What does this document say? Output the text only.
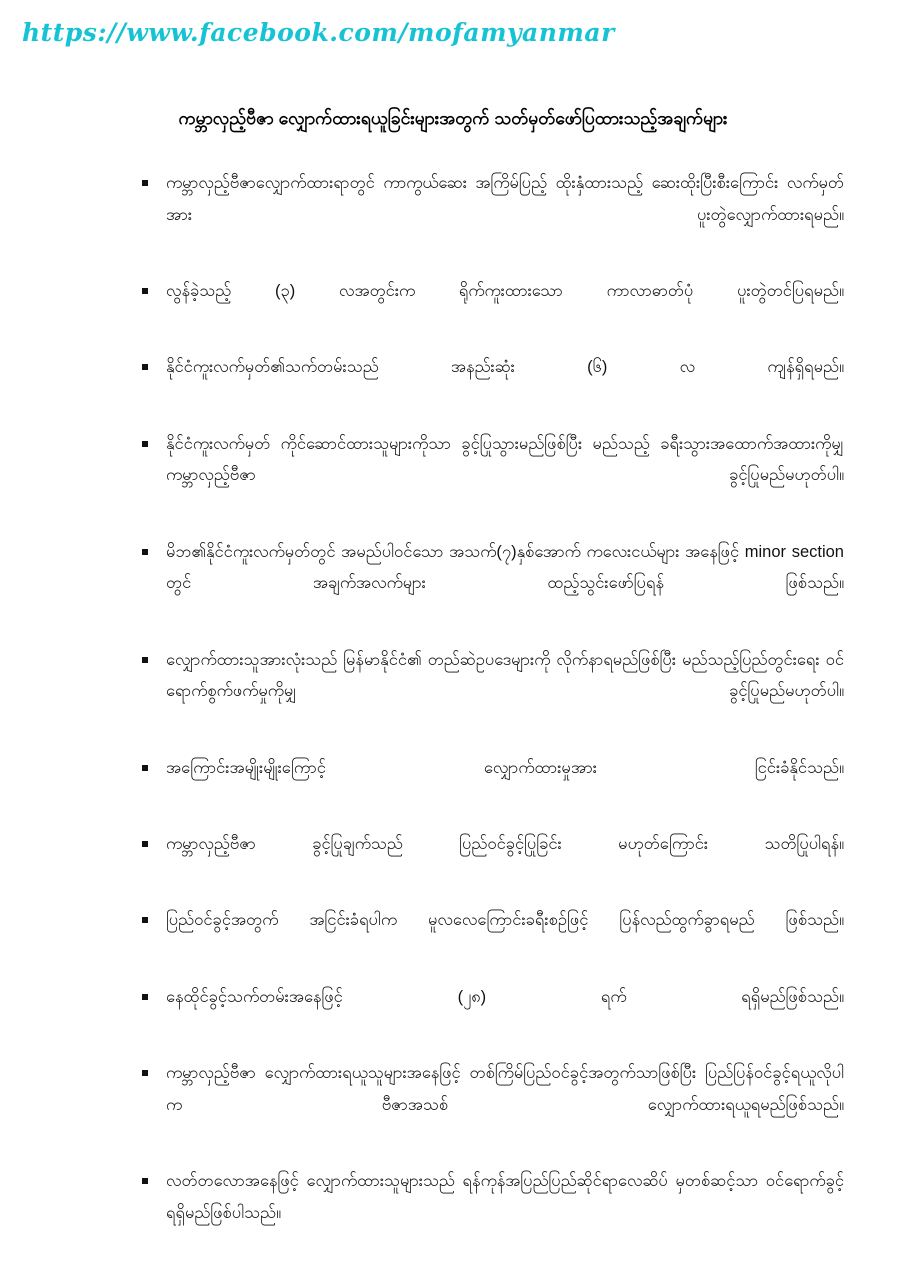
https://www.facebook.com/mofamyanmar
ကမ္ဘာလှည့်ဗီဇာ လျှောက်ထားရယူခြင်းများအတွက် သတ်မှတ်ဖော်ပြထားသည့်အချက်များ
ကမ္ဘာလှည့်ဗီဇာလျှောက်ထားရာတွင် ကာကွယ်ဆေး အကြိမ်ပြည့် ထိုးနှံထားသည့် ဆေးထိုးပြီးစီးကြောင်း လက်မှတ်အား ပူးတွဲလျှောက်ထားရမည်။
လွန်ခဲ့သည့် (၃) လအတွင်းက ရိုက်ကူးထားသော ကာလာဓာတ်ပုံ ပူးတွဲတင်ပြရမည်။
နိုင်ငံကူးလက်မှတ်၏သက်တမ်းသည် အနည်းဆုံး (၆) လ ကျန်ရှိရမည်။
နိုင်ငံကူးလက်မှတ် ကိုင်ဆောင်ထားသူများကိုသာ ခွင့်ပြုသွားမည်ဖြစ်ပြီး မည်သည့် ခရီးသွားအထောက်အထားကိုမျှ ကမ္ဘာလှည့်ဗီဇာ ခွင့်ပြုမည်မဟုတ်ပါ။
မိဘ၏နိုင်ငံကူးလက်မှတ်တွင် အမည်ပါဝင်သော အသက်(၇)နှစ်အောက် ကလေးငယ်များ အနေဖြင့် minor section တွင် အချက်အလက်များ ထည့်သွင်းဖော်ပြရန် ဖြစ်သည်။
လျှောက်ထားသူအားလုံးသည် မြန်မာနိုင်ငံ၏ တည်ဆဲဥပဒေများကို လိုက်နာရမည်ဖြစ်ပြီး မည်သည့်ပြည်တွင်းရေး ဝင်ရောက်စွက်ဖက်မှုကိုမျှ ခွင့်ပြုမည်မဟုတ်ပါ။
အကြောင်းအမျိုးမျိုးကြောင့် လျှောက်ထားမှုအား ငြင်းခံနိုင်သည်။
ကမ္ဘာလှည့်ဗီဇာ ခွင့်ပြုချက်သည် ပြည်ဝင်ခွင့်ပြုခြင်း မဟုတ်ကြောင်း သတိပြုပါရန်။
ပြည်ဝင်ခွင့်အတွက် အငြင်းခံရပါက မူလလေကြောင်းခရီးစဉ်ဖြင့် ပြန်လည်ထွက်ခွာရမည် ဖြစ်သည်။
နေထိုင်ခွင့်သက်တမ်းအနေဖြင့် (၂၈) ရက် ရရှိမည်ဖြစ်သည်။
ကမ္ဘာလှည့်ဗီဇာ လျှောက်ထားရယူသူများအနေဖြင့် တစ်ကြိမ်ပြည်ဝင်ခွင့်အတွက်သာဖြစ်ပြီး ပြည်ပြန်ဝင်ခွင့်ရယူလိုပါက ဗီဇာအသစ် လျှောက်ထားရယူရမည်ဖြစ်သည်။
လတ်တလောအနေဖြင့် လျှောက်ထားသူများသည် ရန်ကုန်အပြည်ပြည်ဆိုင်ရာလေဆိပ် မှတစ်ဆင့်သာ ဝင်ရောက်ခွင့်ရရှိမည်ဖြစ်ပါသည်။
